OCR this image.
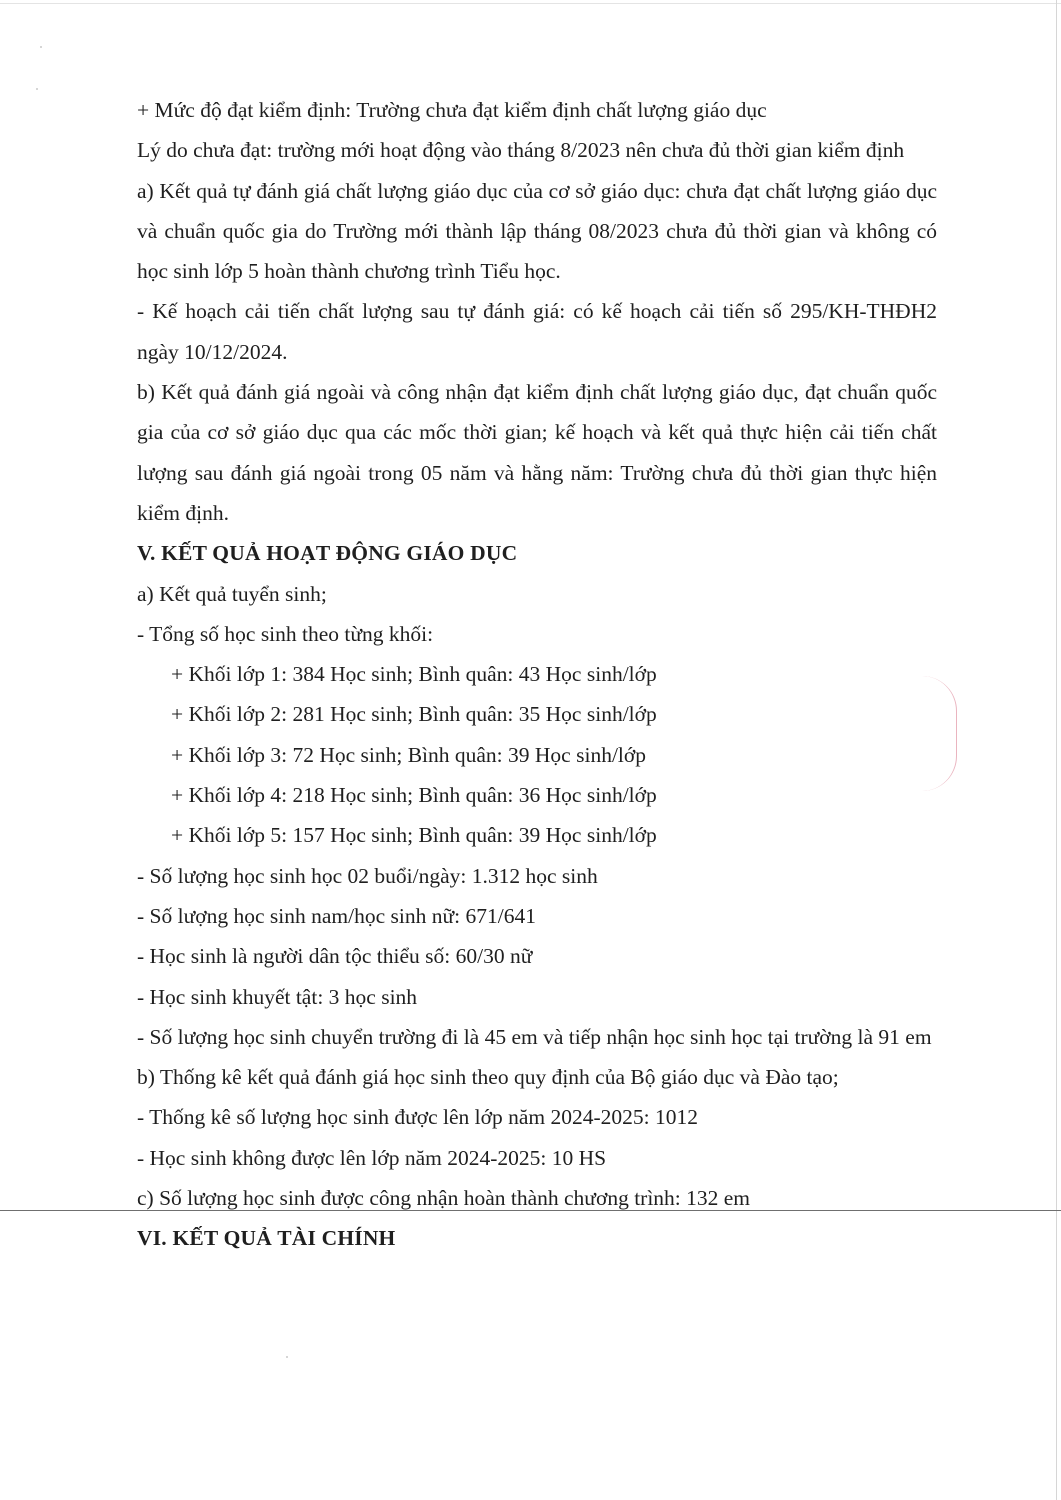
+ Mức độ đạt kiểm định: Trường chưa đạt kiểm định chất lượng giáo dục

Lý do chưa đạt: trường mới hoạt động vào tháng 8/2023 nên chưa đủ thời gian kiểm định

a) Kết quả tự đánh giá chất lượng giáo dục của cơ sở giáo dục: chưa đạt chất lượng giáo dục và chuẩn quốc gia do Trường mới thành lập tháng 08/2023 chưa đủ thời gian và không có học sinh lớp 5 hoàn thành chương trình Tiểu học.

- Kế hoạch cải tiến chất lượng sau tự đánh giá: có kế hoạch cải tiến số 295/KH-THĐH2 ngày 10/12/2024.

b) Kết quả đánh giá ngoài và công nhận đạt kiểm định chất lượng giáo dục, đạt chuẩn quốc gia của cơ sở giáo dục qua các mốc thời gian; kế hoạch và kết quả thực hiện cải tiến chất lượng sau đánh giá ngoài trong 05 năm và hằng năm: Trường chưa đủ thời gian thực hiện kiểm định.

V. KẾT QUẢ HOẠT ĐỘNG GIÁO DỤC

a) Kết quả tuyển sinh;

- Tổng số học sinh theo từng khối:

+ Khối lớp 1: 384 Học sinh; Bình quân: 43 Học sinh/lớp

+ Khối lớp 2: 281 Học sinh; Bình quân: 35 Học sinh/lớp

+ Khối lớp 3: 72 Học sinh; Bình quân: 39 Học sinh/lớp

+ Khối lớp 4: 218 Học sinh; Bình quân: 36 Học sinh/lớp

+ Khối lớp 5: 157 Học sinh; Bình quân: 39 Học sinh/lớp

- Số lượng học sinh học 02 buổi/ngày: 1.312 học sinh

- Số lượng học sinh nam/học sinh nữ: 671/641

- Học sinh là người dân tộc thiểu số: 60/30 nữ

- Học sinh khuyết tật: 3 học sinh

- Số lượng học sinh chuyển trường đi là 45 em và tiếp nhận học sinh học tại trường là 91 em

b) Thống kê kết quả đánh giá học sinh theo quy định của Bộ giáo dục và Đào tạo;

- Thống kê số lượng học sinh được lên lớp năm 2024-2025: 1012

- Học sinh không được lên lớp năm 2024-2025: 10 HS

c) Số lượng học sinh được công nhận hoàn thành chương trình: 132 em

VI. KẾT QUẢ TÀI CHÍNH
